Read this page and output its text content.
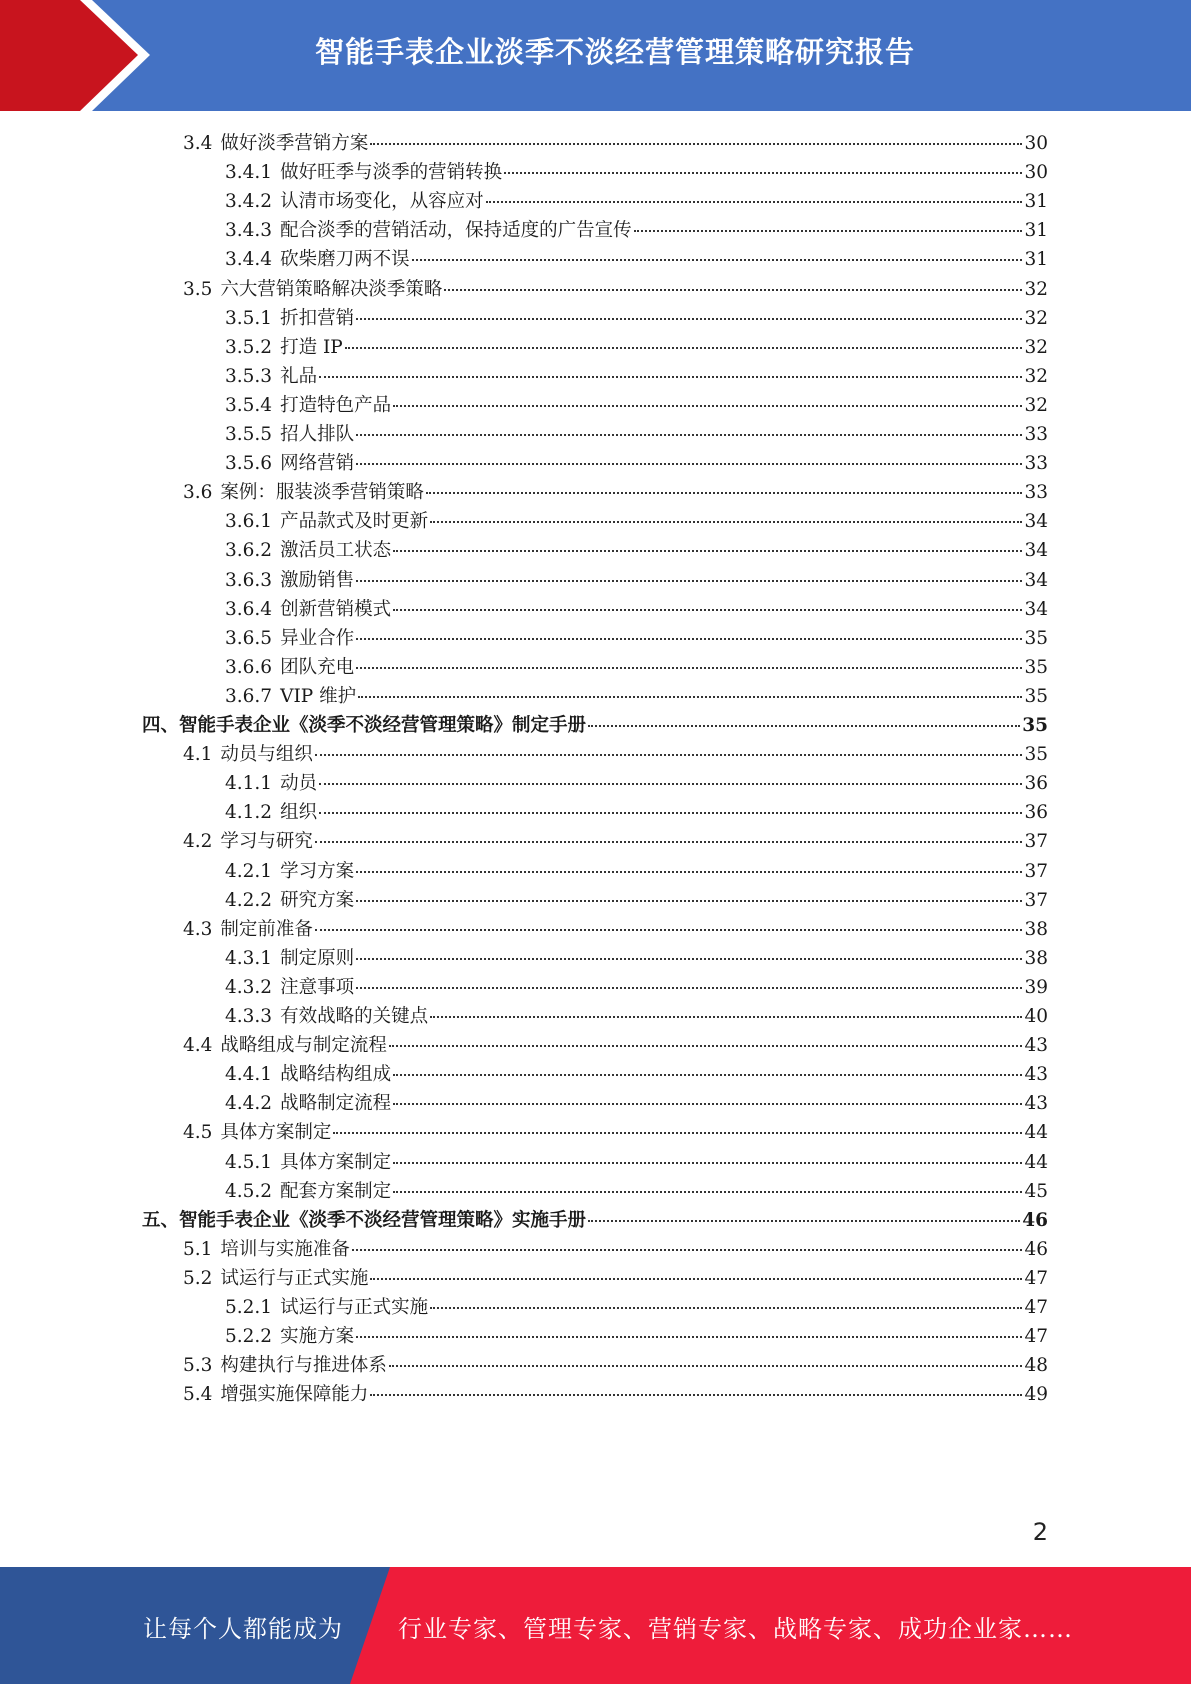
智能手表企业淡季不淡经营管理策略研究报告
3.4 做好淡季营销方案	30
3.4.1 做好旺季与淡季的营销转换	30
3.4.2 认清市场变化，从容应对	31
3.4.3 配合淡季的营销活动，保持适度的广告宣传	31
3.4.4 砍柴磨刀两不误	31
3.5 六大营销策略解决淡季策略	32
3.5.1 折扣营销	32
3.5.2 打造 IP	32
3.5.3 礼品	32
3.5.4 打造特色产品	32
3.5.5 招人排队	33
3.5.6 网络营销	33
3.6 案例：服装淡季营销策略	33
3.6.1 产品款式及时更新	34
3.6.2 激活员工状态	34
3.6.3 激励销售	34
3.6.4 创新营销模式	34
3.6.5 异业合作	35
3.6.6 团队充电	35
3.6.7 VIP 维护	35
四、 智能手表企业《淡季不淡经营管理策略》制定手册	35
4.1 动员与组织	35
4.1.1 动员	36
4.1.2 组织	36
4.2 学习与研究	37
4.2.1 学习方案	37
4.2.2 研究方案	37
4.3 制定前准备	38
4.3.1 制定原则	38
4.3.2 注意事项	39
4.3.3 有效战略的关键点	40
4.4 战略组成与制定流程	43
4.4.1 战略结构组成	43
4.4.2 战略制定流程	43
4.5 具体方案制定	44
4.5.1 具体方案制定	44
4.5.2 配套方案制定	45
五、 智能手表企业《淡季不淡经营管理策略》实施手册	46
5.1 培训与实施准备	46
5.2 试运行与正式实施	47
5.2.1 试运行与正式实施	47
5.2.2 实施方案	47
5.3 构建执行与推进体系	48
5.4 增强实施保障能力	49
2
让每个人都能成为 行业专家、管理专家、营销专家、战略专家、成功企业家……
